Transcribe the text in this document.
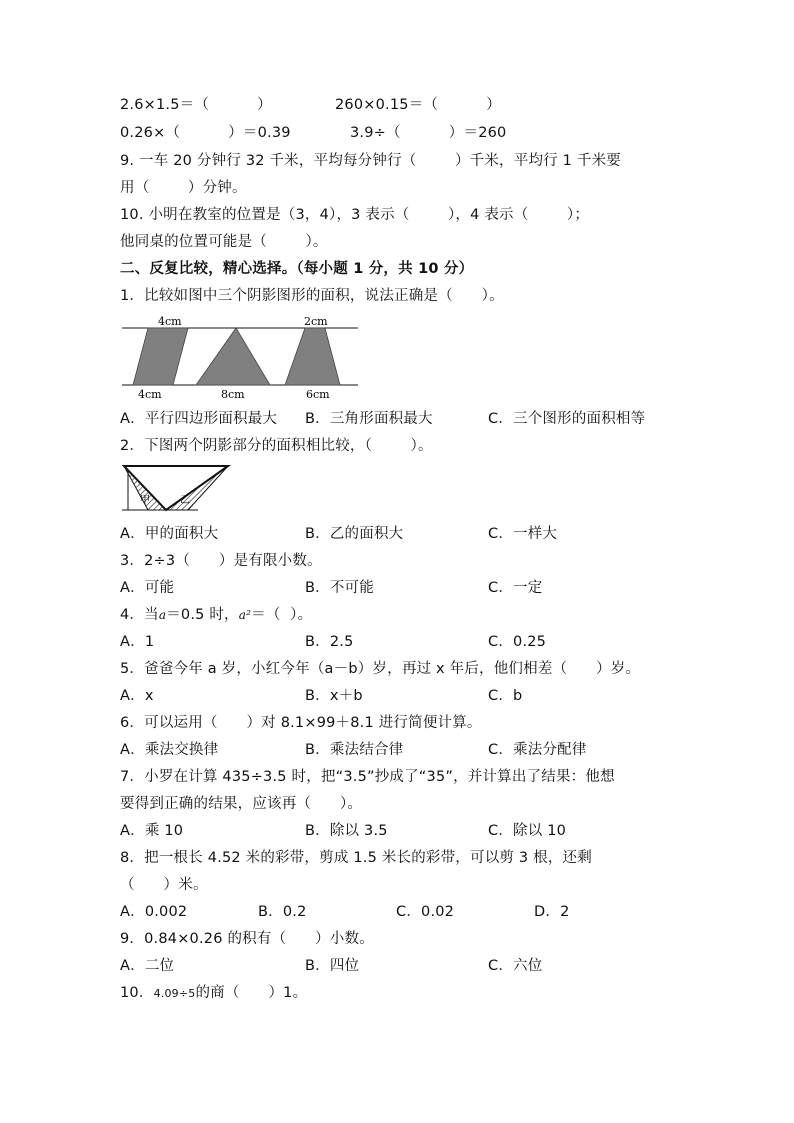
2.6×1.5＝（          ）

	260×0.15＝（          ）

0.26×（          ）＝0.39

	3.9÷（          ）＝260

9. 一车 20 分钟行 32 千米，平均每分钟行（        ）千米，平均行 1 千米要
用（        ）分钟。
10. 小明在教室的位置是（3，4），3 表示（        ），4 表示（        ）；
他同桌的位置可能是（        ）。
二、反复比较，精心选择。（每小题 1 分，共 10 分）
1．比较如图中三个阴影图形的面积，说法正确是（      ）。
4cm	2cm
4cm	8cm	6cm

A．平行四边形面积最大

B．三角形面积最大

	C．三个图形的面积相等

2．下图两个阴影部分的面积相比较，（        ）。
甲	乙

A．甲的面积大

	B．乙的面积大

	C．一样大

3．2÷3（      ）是有限小数。

A．可能

	B．不可能

	C．一定

4．当a＝0.5 时，a²＝（  ）。

A．1

	B．2.5

	C．0.25

5．爸爸今年 a 岁，小红今年（a－b）岁，再过 x 年后，他们相差（      ）岁。

A．x

	B．x＋b

	C．b

6．可以运用（      ）对 8.1×99＋8.1 进行简便计算。

A．乘法交换律

	B．乘法结合律

	C．乘法分配律

7．小罗在计算 435÷3.5 时，把“3.5”抄成了“35”，并计算出了结果：他想
要得到正确的结果，应该再（      ）。

A．乘 10

	B．除以 3.5

	C．除以 10

8．把一根长 4.52 米的彩带，剪成 1.5 米长的彩带，可以剪 3 根，还剩
（      ）米。

A．0.002

	B．0.2

	C．0.02

	D．2

9．0.84×0.26 的积有（      ）小数。

A．二位

	B．四位

	C．六位

10．4.09÷5的商（      ）1。
